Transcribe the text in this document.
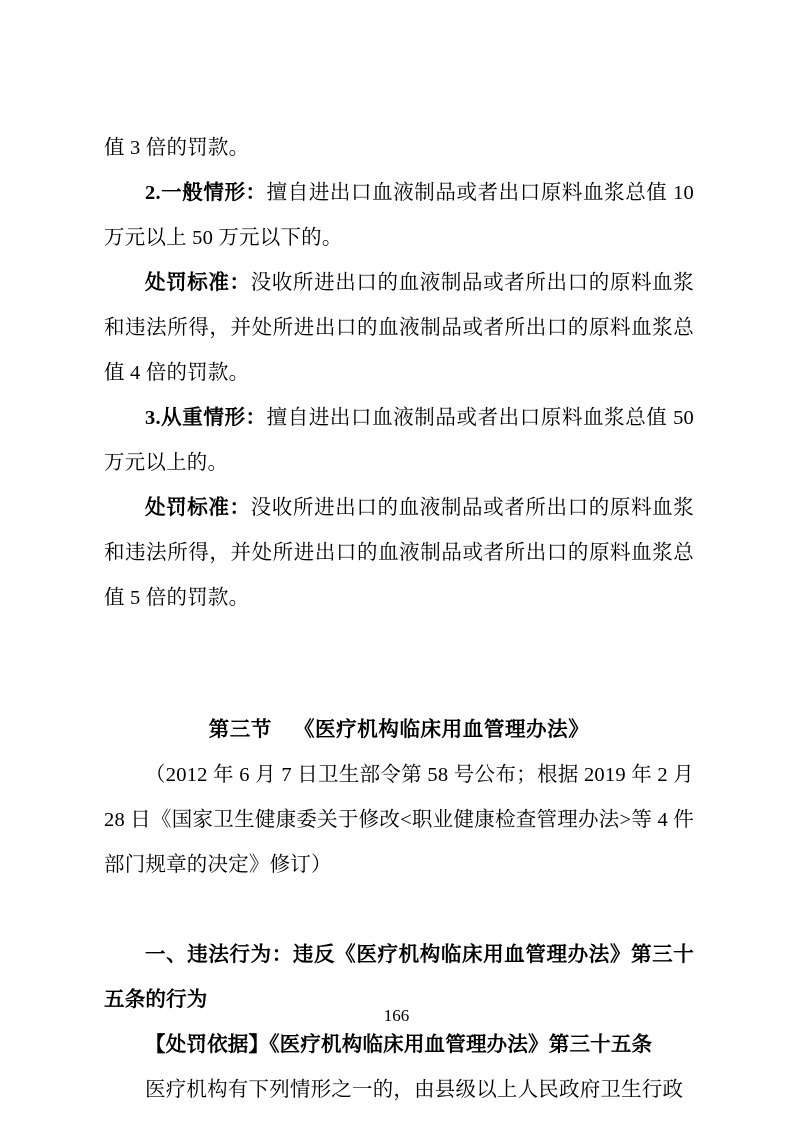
值 3 倍的罚款。

2.一般情形：擅自进出口血液制品或者出口原料血浆总值 10 万元以上 50 万元以下的。

处罚标准：没收所进出口的血液制品或者所出口的原料血浆和违法所得，并处所进出口的血液制品或者所出口的原料血浆总值 4 倍的罚款。

3.从重情形：擅自进出口血液制品或者出口原料血浆总值 50 万元以上的。

处罚标准：没收所进出口的血液制品或者所出口的原料血浆和违法所得，并处所进出口的血液制品或者所出口的原料血浆总值 5 倍的罚款。

第三节 《医疗机构临床用血管理办法》

（2012 年 6 月 7 日卫生部令第 58 号公布；根据 2019 年 2 月 28 日《国家卫生健康委关于修改<职业健康检查管理办法>等 4 件部门规章的决定》修订）

一、违法行为：违反《医疗机构临床用血管理办法》第三十五条的行为

【处罚依据】《医疗机构临床用血管理办法》第三十五条

医疗机构有下列情形之一的，由县级以上人民政府卫生行政

166
